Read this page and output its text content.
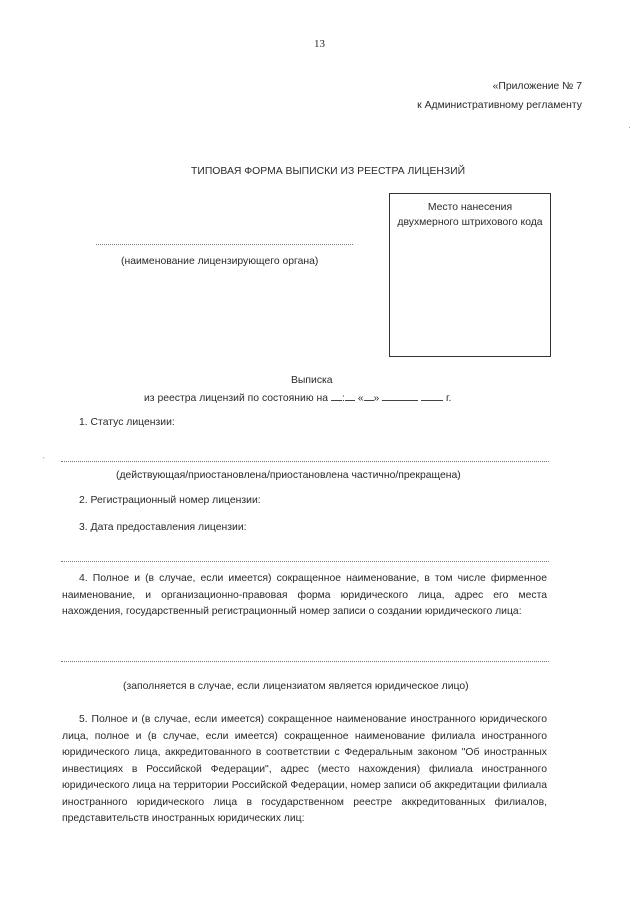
13
«Приложение № 7
к Административному регламенту
ТИПОВАЯ ФОРМА ВЫПИСКИ ИЗ РЕЕСТРА ЛИЦЕНЗИЙ
Место нанесения
двухмерного штрихового кода
(наименование лицензирующего органа)
Выписка
из реестра лицензий по состоянию на : « »	г.
1. Статус лицензии:
(действующая/приостановлена/приостановлена частично/прекращена)
2. Регистрационный номер лицензии:
3. Дата предоставления лицензии:
4. Полное и (в случае, если имеется) сокращенное наименование, в том числе фирменное наименование, и организационно-правовая форма юридического лица, адрес его места нахождения, государственный регистрационный номер записи о создании юридического лица:
(заполняется в случае, если лицензиатом является юридическое лицо)
5. Полное и (в случае, если имеется) сокращенное наименование иностранного юридического лица, полное и (в случае, если имеется) сокращенное наименование филиала иностранного юридического лица, аккредитованного в соответствии с Федеральным законом "Об иностранных инвестициях в Российской Федерации", адрес (место нахождения) филиала иностранного юридического лица на территории Российской Федерации, номер записи об аккредитации филиала иностранного юридического лица в государственном реестре аккредитованных филиалов, представительств иностранных юридических лиц:
`
·
